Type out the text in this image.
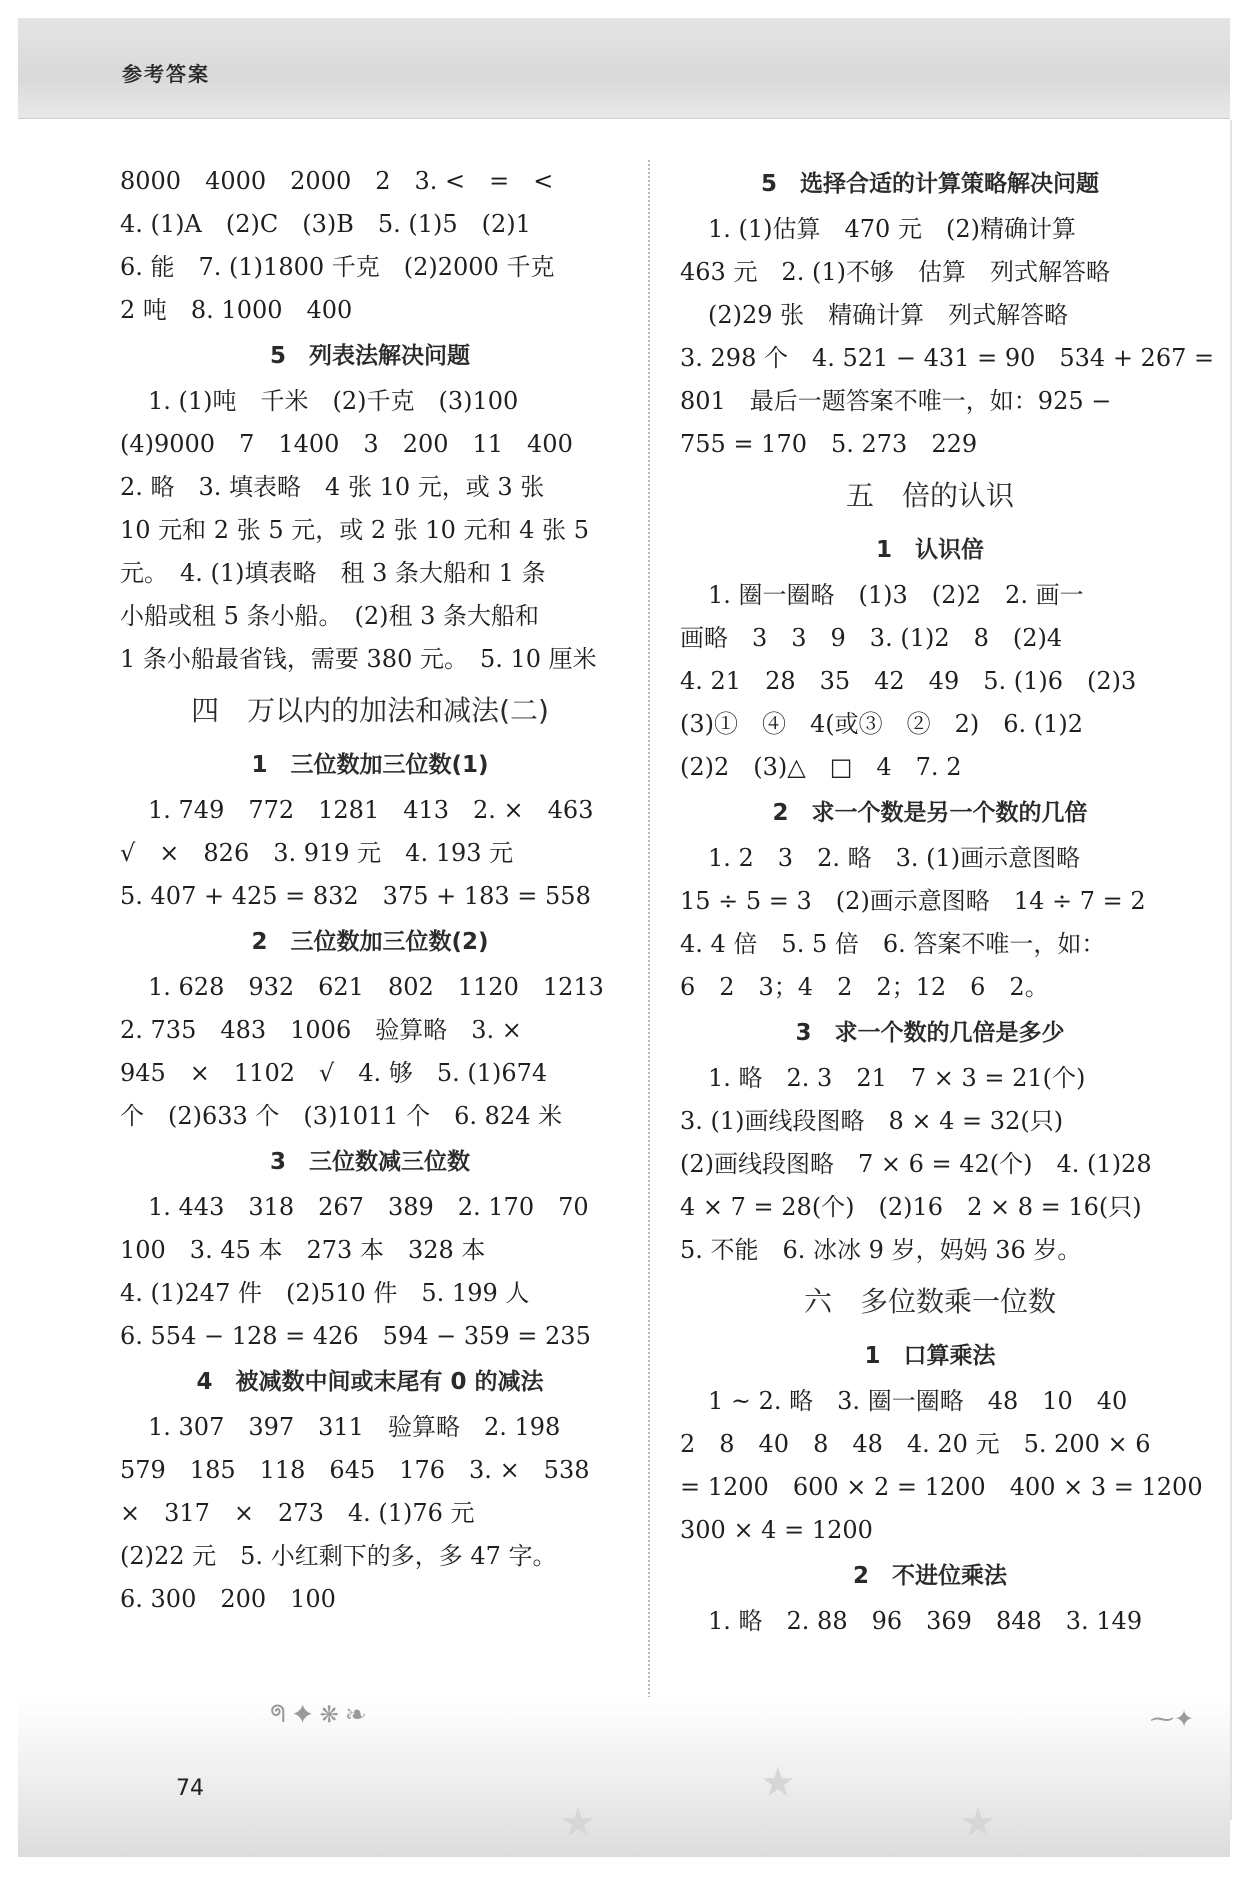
参考答案
8000　4000　2000　2　3. <　=　<
4. (1)A　(2)C　(3)B　5. (1)5　(2)1
6. 能　7. (1)1800 千克　(2)2000 千克
2 吨　8. 1000　400
5　列表法解决问题
1. (1)吨　千米　(2)千克　(3)100
(4)9000　7　1400　3　200　11　400
2. 略　3. 填表略　4 张 10 元，或 3 张
10 元和 2 张 5 元，或 2 张 10 元和 4 张 5
元。　4. (1)填表略　租 3 条大船和 1 条
小船或租 5 条小船。　(2)租 3 条大船和
1 条小船最省钱，需要 380 元。　5. 10 厘米
四　万以内的加法和减法(二)
1　三位数加三位数(1)
1. 749　772　1281　413　2. ×　463
√　×　826　3. 919 元　4. 193 元
5. 407 + 425 = 832　375 + 183 = 558
2　三位数加三位数(2)
1. 628　932　621　802　1120　1213
2. 735　483　1006　验算略　3. ×
945　×　1102　√　4. 够　5. (1)674
个　(2)633 个　(3)1011 个　6. 824 米
3　三位数减三位数
1. 443　318　267　389　2. 170　70
100　3. 45 本　273 本　328 本
4. (1)247 件　(2)510 件　5. 199 人
6. 554 − 128 = 426　594 − 359 = 235
4　被减数中间或末尾有 0 的减法
1. 307　397　311　验算略　2. 198
579　185　118　645　176　3. ×　538
×　317　×　273　4. (1)76 元
(2)22 元　5. 小红剩下的多，多 47 字。
6. 300　200　100
5　选择合适的计算策略解决问题
1. (1)估算　470 元　(2)精确计算
463 元　2. (1)不够　估算　列式解答略
(2)29 张　精确计算　列式解答略
3. 298 个　4. 521 − 431 = 90　534 + 267 =
801　最后一题答案不唯一，如：925 −
755 = 170　5. 273　229
五　倍的认识
1　认识倍
1. 圈一圈略　(1)3　(2)2　2. 画一
画略　3　3　9　3. (1)2　8　(2)4
4. 21　28　35　42　49　5. (1)6　(2)3
(3)①　④　4(或③　②　2)　6. (1)2
(2)2　(3)△　□　4　7. 2
2　求一个数是另一个数的几倍
1. 2　3　2. 略　3. (1)画示意图略
15 ÷ 5 = 3　(2)画示意图略　14 ÷ 7 = 2
4. 4 倍　5. 5 倍　6. 答案不唯一，如：
6　2　3；4　2　2；12　6　2。
3　求一个数的几倍是多少
1. 略　2. 3　21　7 × 3 = 21(个)
3. (1)画线段图略　8 × 4 = 32(只)
(2)画线段图略　7 × 6 = 42(个)　4. (1)28
4 × 7 = 28(个)　(2)16　2 × 8 = 16(只)
5. 不能　6. 冰冰 9 岁，妈妈 36 岁。
六　多位数乘一位数
1　口算乘法
1 ~ 2. 略　3. 圈一圈略　48　10　40
2　8　40　8　48　4. 20 元　5. 200 × 6
= 1200　600 × 2 = 1200　400 × 3 = 1200
300 × 4 = 1200
2　不进位乘法
1. 略　2. 88　96　369　848　3. 149
★
★
★
ᖗ ✦ ⁕ ❧	⁓✦
74
